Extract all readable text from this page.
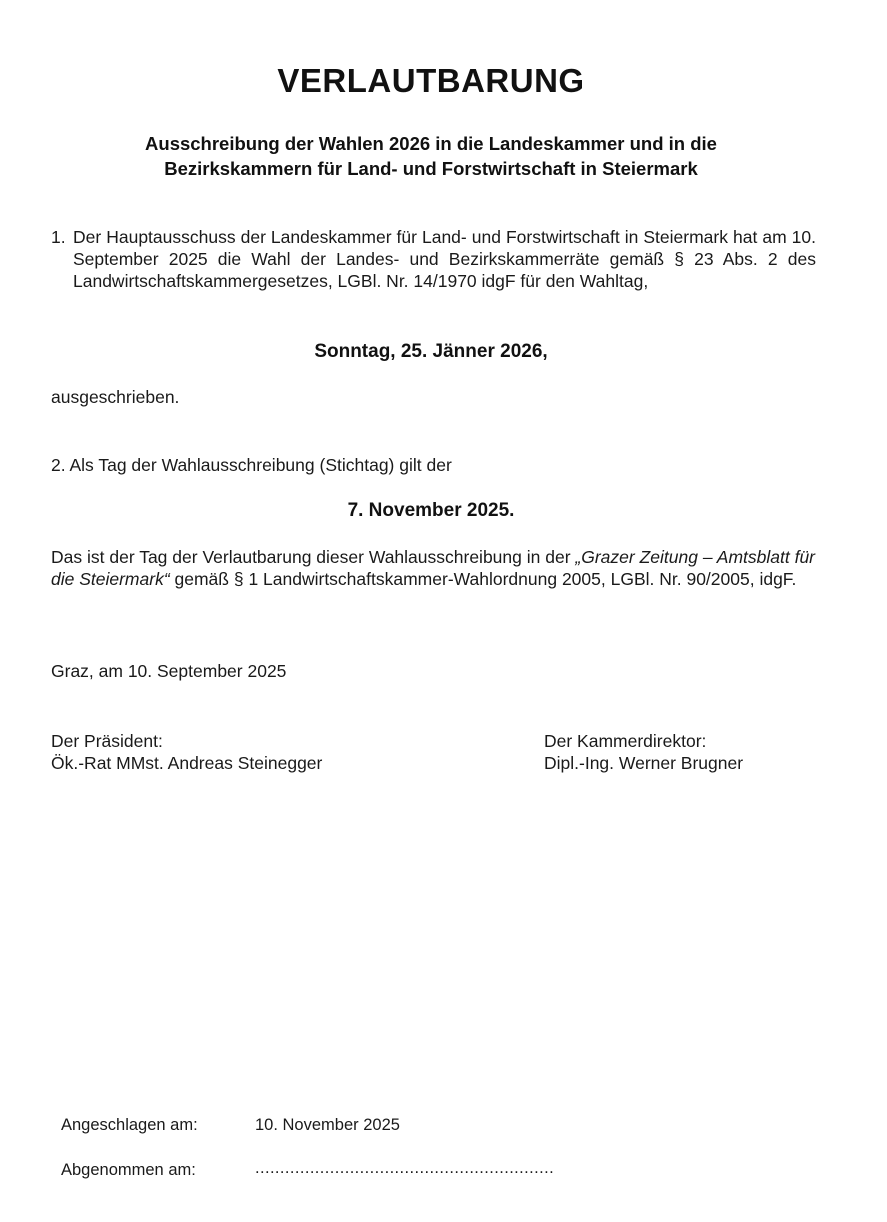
VERLAUTBARUNG
Ausschreibung der Wahlen 2026 in die Landeskammer und in die
Bezirkskammern für Land- und Forstwirtschaft in Steiermark
1. Der Hauptausschuss der Landeskammer für Land- und Forstwirtschaft in Steiermark hat am 10. September 2025 die Wahl der Landes- und Bezirkskammerräte gemäß § 23 Abs. 2 des Landwirtschaftskammergesetzes, LGBl. Nr. 14/1970 idgF für den Wahltag,
Sonntag, 25. Jänner 2026,
ausgeschrieben.
2. Als Tag der Wahlausschreibung (Stichtag) gilt der
7. November 2025.
Das ist der Tag der Verlautbarung dieser Wahlausschreibung in der „Grazer Zeitung – Amtsblatt für die Steiermark“ gemäß § 1 Landwirtschaftskammer-Wahlordnung 2005, LGBl. Nr. 90/2005, idgF.
Graz, am 10. September 2025
Der Präsident:
Ök.-Rat MMst. Andreas Steinegger
Der Kammerdirektor:
Dipl.-Ing. Werner Brugner
Angeschlagen am:	10. November 2025
Abgenommen am:	............................................................
